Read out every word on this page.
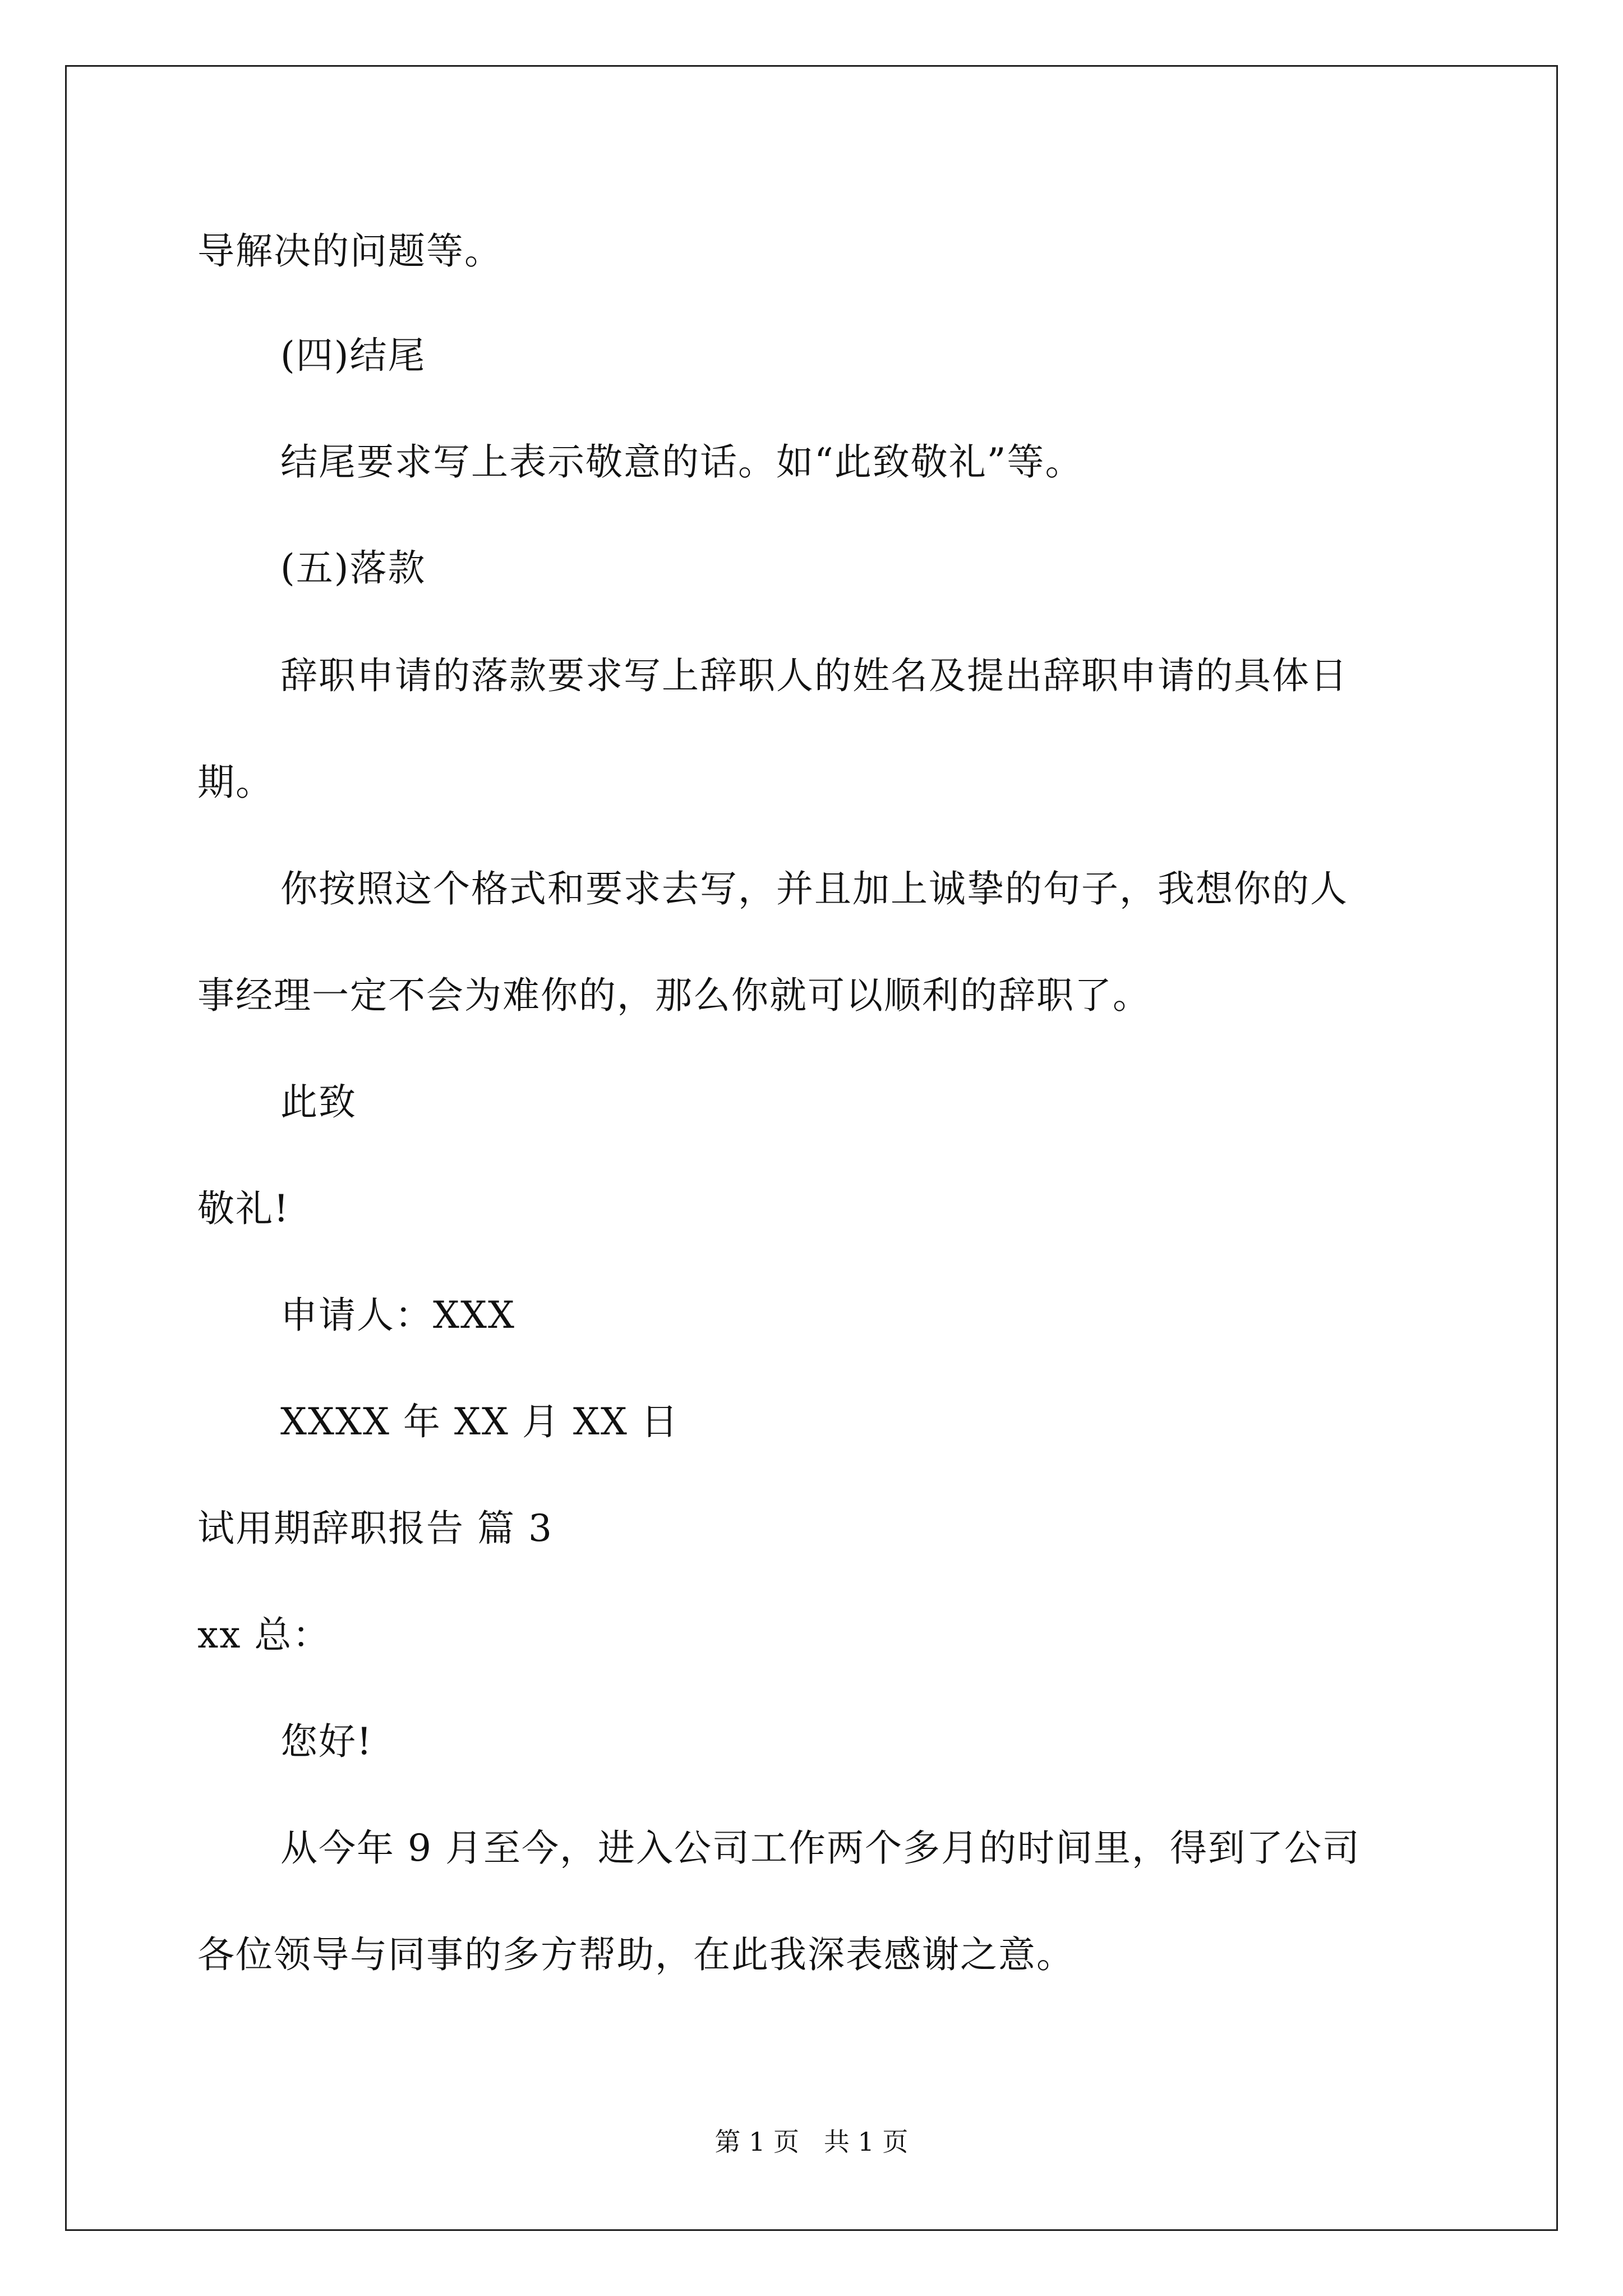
导解决的问题等。
(四)结尾
结尾要求写上表示敬意的话。如“此致敬礼”等。
(五)落款
辞职申请的落款要求写上辞职人的姓名及提出辞职申请的具体日
期。
你按照这个格式和要求去写，并且加上诚挚的句子，我想你的人
事经理一定不会为难你的，那么你就可以顺利的辞职了。
此致
敬礼!
申请人：XXX
XXXX 年 XX 月 XX 日
试用期辞职报告 篇 3
xx 总：
您好!
从今年 9 月至今，进入公司工作两个多月的时间里，得到了公司
各位领导与同事的多方帮助，在此我深表感谢之意。
第 1 页   共 1 页
